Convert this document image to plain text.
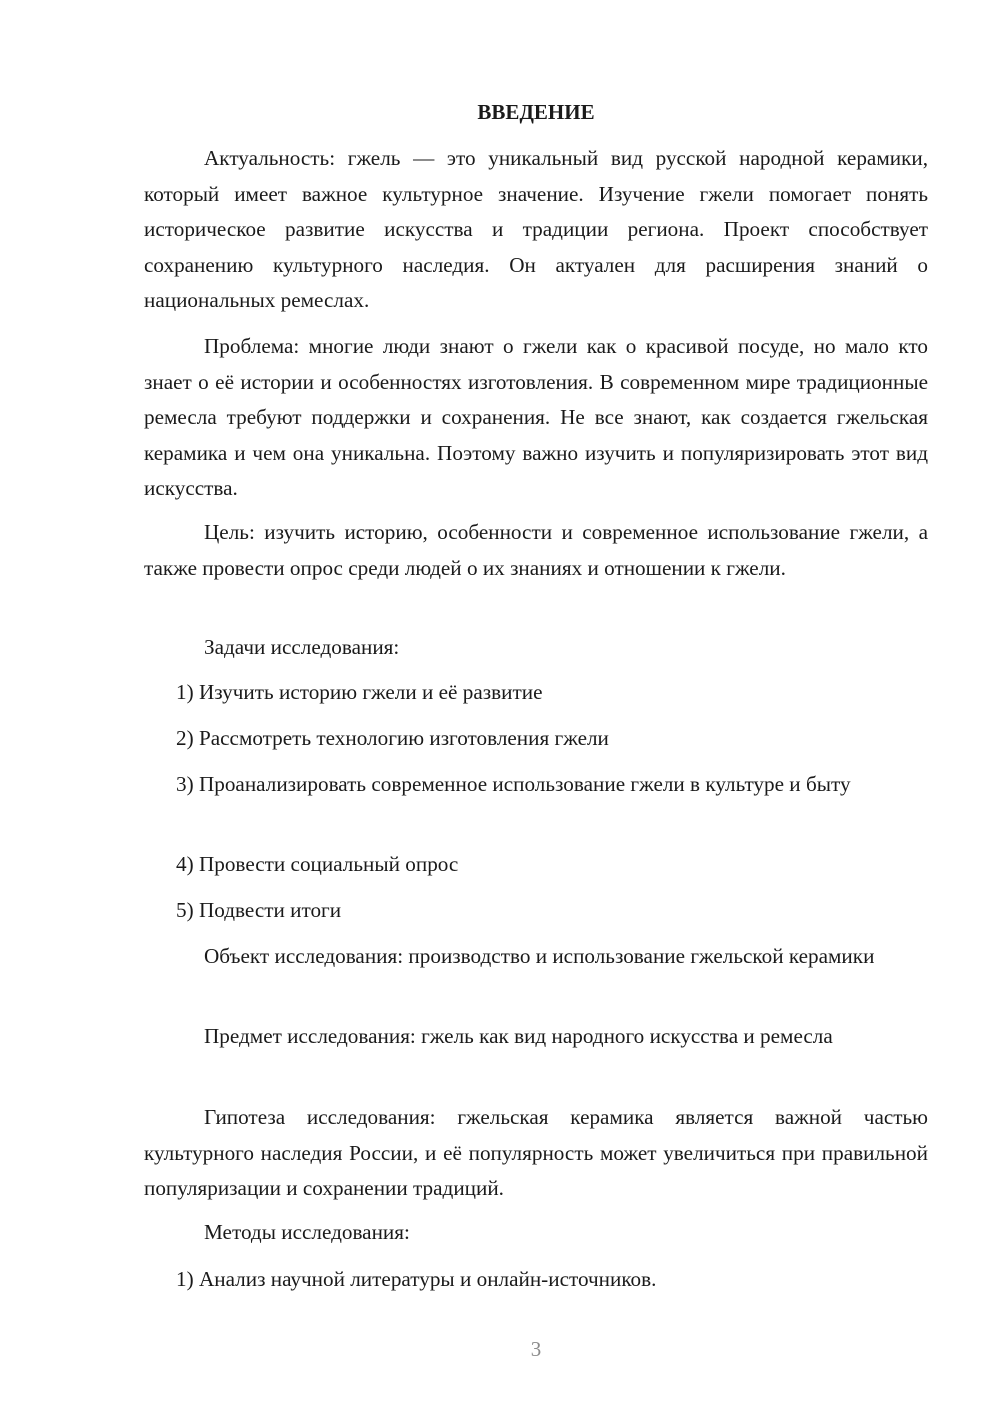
ВВЕДЕНИЕ

Актуальность: гжель — это уникальный вид русской народной керамики, который имеет важное культурное значение. Изучение гжели помогает понять историческое развитие искусства и традиции региона. Проект способствует сохранению культурного наследия. Он актуален для расширения знаний о национальных ремеслах.

Проблема: многие люди знают о гжели как о красивой посуде, но мало кто знает о её истории и особенностях изготовления. В современном мире традиционные ремесла требуют поддержки и сохранения. Не все знают, как создается гжельская керамика и чем она уникальна. Поэтому важно изучить и популяризировать этот вид искусства.

Цель: изучить историю, особенности и современное использование гжели, а также провести опрос среди людей о их знаниях и отношении к гжели.

Задачи исследования:

1) Изучить историю гжели и её развитие

2) Рассмотреть технологию изготовления гжели

3) Проанализировать современное использование гжели в культуре и быту

4) Провести социальный опрос

5) Подвести итоги

Объект исследования: производство и использование гжельской керамики

Предмет исследования: гжель как вид народного искусства и ремесла

Гипотеза исследования: гжельская керамика является важной частью культурного наследия России, и её популярность может увеличиться при правильной популяризации и сохранении традиций.

Методы исследования:

1) Анализ научной литературы и онлайн-источников.

3
